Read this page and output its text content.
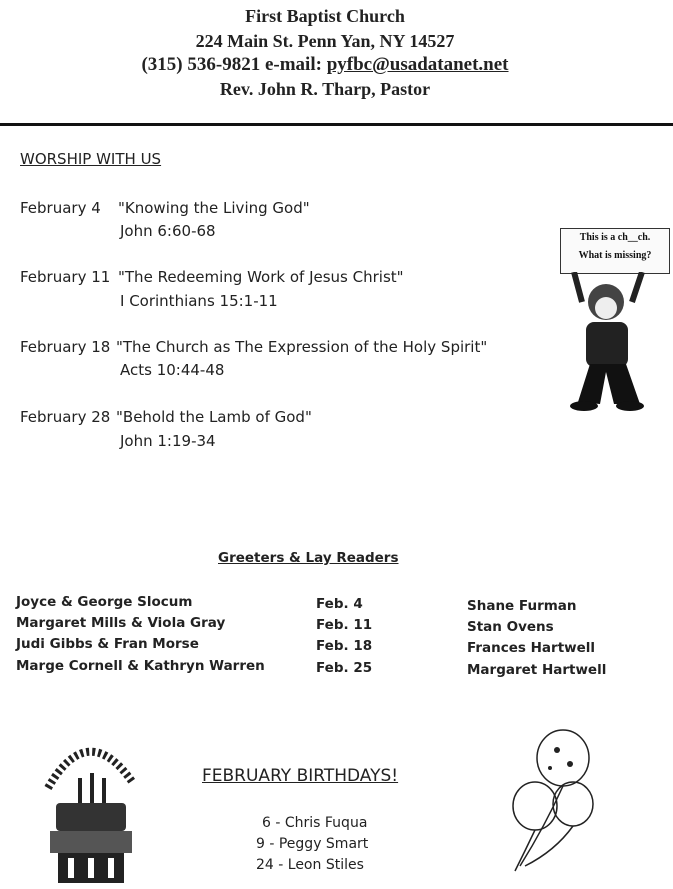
First Baptist Church
224 Main St. Penn Yan, NY 14527
(315) 536-9821 e-mail: pyfbc@usadatanet.net
Rev. John R. Tharp, Pastor
WORSHIP WITH US
February 4 "Knowing the Living God"
John 6:60-68
February 11 "The Redeeming Work of Jesus Christ"
I Corinthians 15:1-11
February 18 "The Church as The Expression of the Holy Spirit"
Acts 10:44-48
February 28 "Behold the Lamb of God"
John 1:19-34
This is a ch__ch.
What is missing?
Greeters & Lay Readers
Joyce & George Slocum	Feb. 4	Shane Furman
Margaret Mills & Viola Gray	Feb. 11	Stan Ovens
Judi Gibbs & Fran Morse	Feb. 18	Frances Hartwell
Marge Cornell & Kathryn Warren	Feb. 25	Margaret Hartwell
FEBRUARY BIRTHDAYS!
6 - Chris Fuqua
9 - Peggy Smart
24 - Leon Stiles
